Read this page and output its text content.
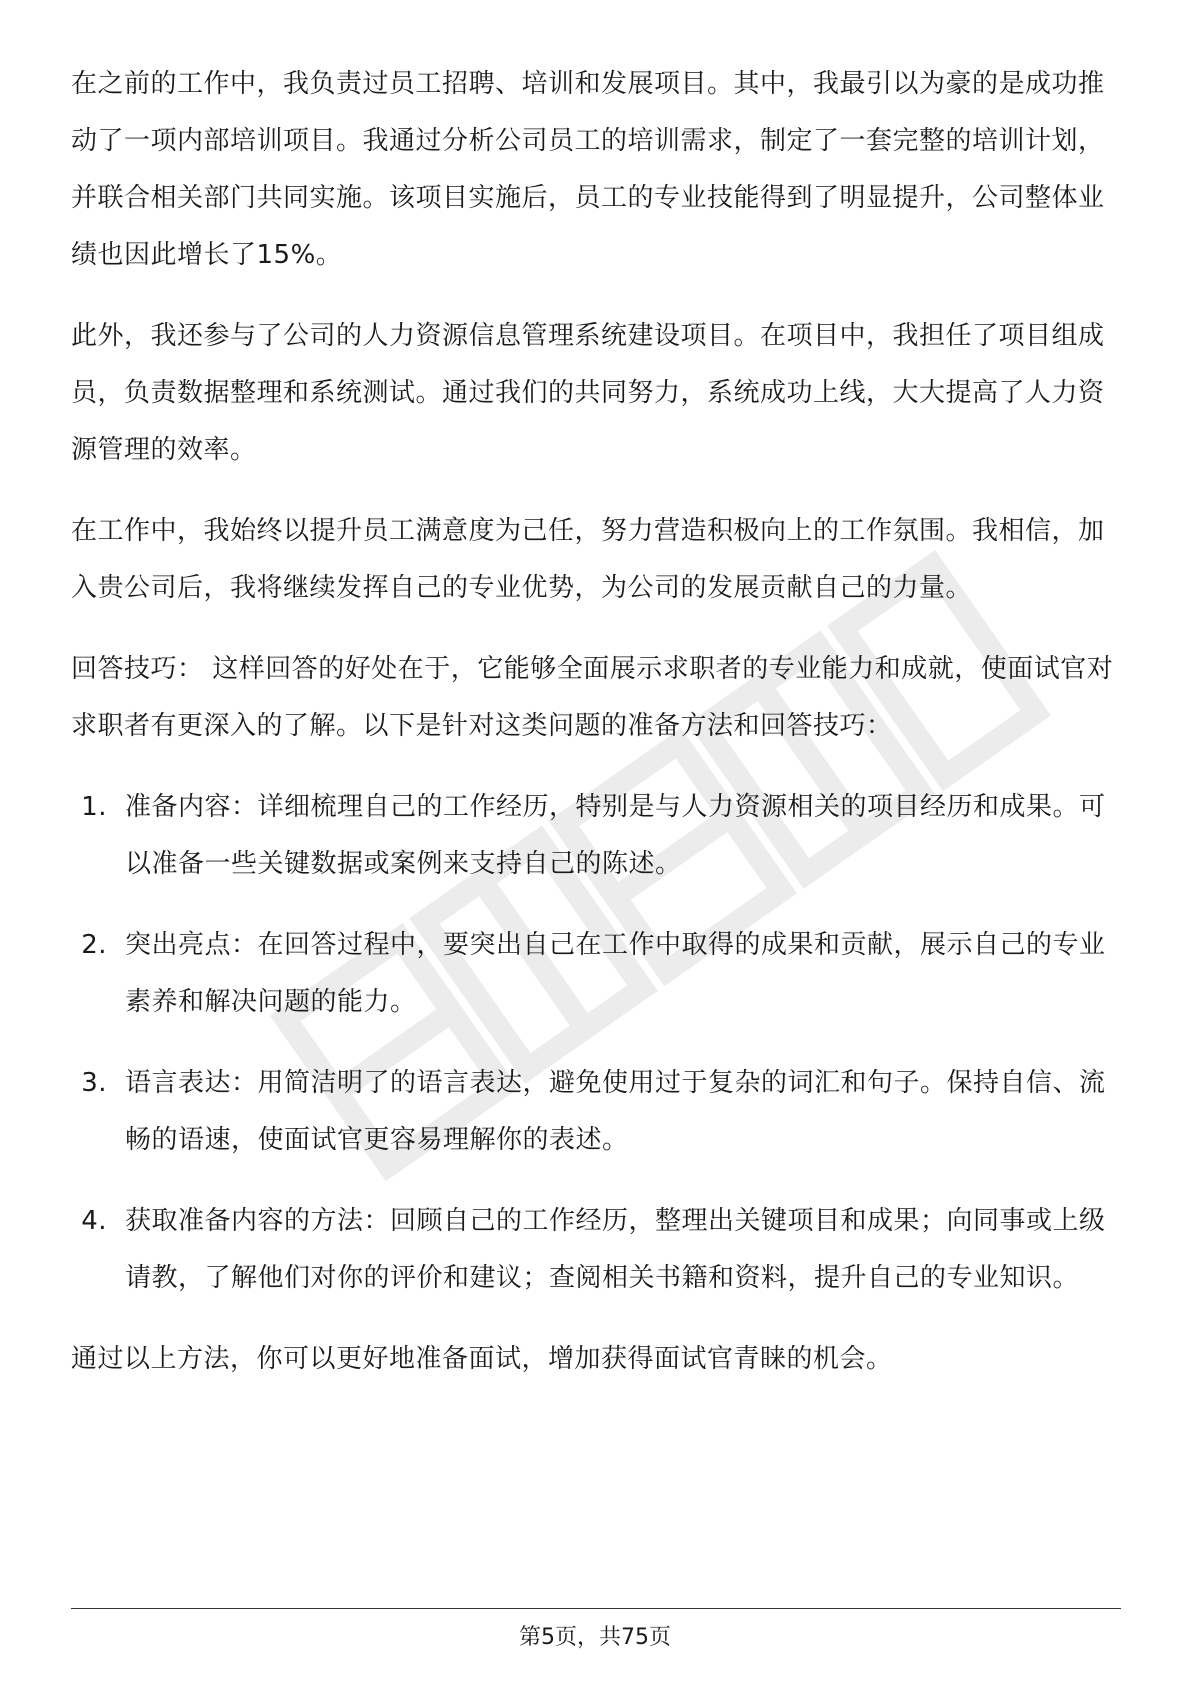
在之前的工作中，我负责过员工招聘、培训和发展项目。其中，我最引以为豪的是成功推动了一项内部培训项目。我通过分析公司员工的培训需求，制定了一套完整的培训计划，并联合相关部门共同实施。该项目实施后，员工的专业技能得到了明显提升，公司整体业绩也因此增长了15%。

此外，我还参与了公司的人力资源信息管理系统建设项目。在项目中，我担任了项目组成员，负责数据整理和系统测试。通过我们的共同努力，系统成功上线，大大提高了人力资源管理的效率。

在工作中，我始终以提升员工满意度为己任，努力营造积极向上的工作氛围。我相信，加入贵公司后，我将继续发挥自己的专业优势，为公司的发展贡献自己的力量。

回答技巧： 这样回答的好处在于，它能够全面展示求职者的专业能力和成就，使面试官对求职者有更深入的了解。以下是针对这类问题的准备方法和回答技巧：

1. 准备内容：详细梳理自己的工作经历，特别是与人力资源相关的项目经历和成果。可以准备一些关键数据或案例来支持自己的陈述。
2. 突出亮点：在回答过程中，要突出自己在工作中取得的成果和贡献，展示自己的专业素养和解决问题的能力。
3. 语言表达：用简洁明了的语言表达，避免使用过于复杂的词汇和句子。保持自信、流畅的语速，使面试官更容易理解你的表述。
4. 获取准备内容的方法：回顾自己的工作经历，整理出关键项目和成果；向同事或上级请教，了解他们对你的评价和建议；查阅相关书籍和资料，提升自己的专业知识。

通过以上方法，你可以更好地准备面试，增加获得面试官青睐的机会。

第5页，共75页
